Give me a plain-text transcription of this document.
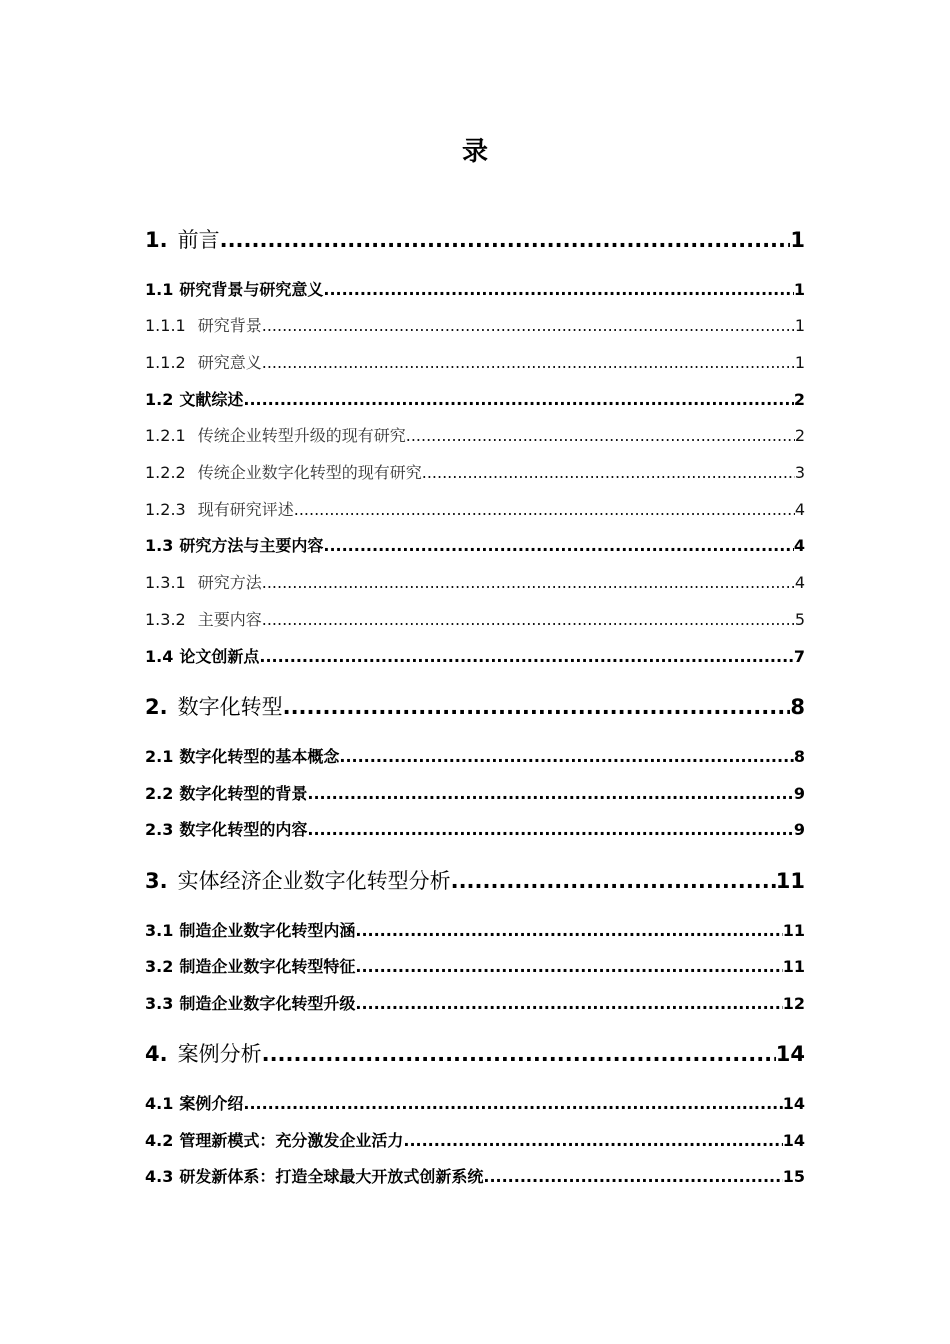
录
1. 前言 .....	1
1.1 研究背景与研究意义 .....	1
1.1.1 研究背景 .....	1
1.1.2 研究意义 .....	1
1.2 文献综述 .....	2
1.2.1 传统企业转型升级的现有研究 .....	2
1.2.2 传统企业数字化转型的现有研究 .....	3
1.2.3 现有研究评述 .....	4
1.3 研究方法与主要内容 .....	4
1.3.1 研究方法 .....	4
1.3.2 主要内容 .....	5
1.4 论文创新点 .....	7
2. 数字化转型 .....	8
2.1 数字化转型的基本概念 .....	8
2.2 数字化转型的背景 .....	9
2.3 数字化转型的内容 .....	9
3. 实体经济企业数字化转型分析 .....	11
3.1 制造企业数字化转型内涵 .....	11
3.2 制造企业数字化转型特征 .....	11
3.3 制造企业数字化转型升级 .....	12
4. 案例分析 .....	14
4.1 案例介绍 .....	14
4.2 管理新模式：充分激发企业活力 .....	14
4.3 研发新体系：打造全球最大开放式创新系统 .....	15
